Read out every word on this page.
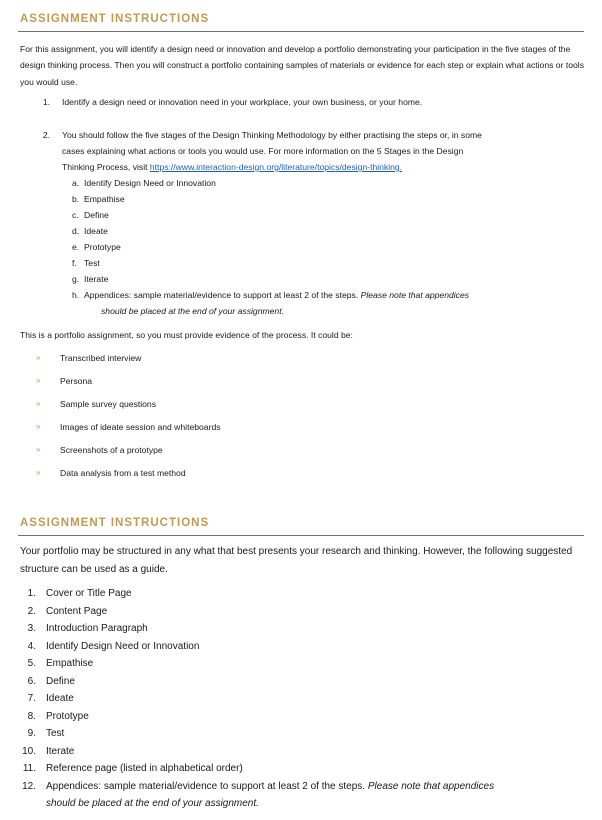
ASSIGNMENT INSTRUCTIONS
For this assignment, you will identify a design need or innovation and develop a portfolio demonstrating your participation in the five stages of the design thinking process. Then you will construct a portfolio containing samples of materials or evidence for each step or explain what actions or tools you would use.
1. Identify a design need or innovation need in your workplace, your own business, or your home.
2. You should follow the five stages of the Design Thinking Methodology by either practising the steps or, in some
cases explaining what actions or tools you would use. For more information on the 5 Stages in the Design
Thinking Process, visit https://www.interaction-design.org/literature/topics/design-thinking.
a. Identify Design Need or Innovation
b. Empathise
c. Define
d. Ideate
e. Prototype
f. Test
g. Iterate
h. Appendices: sample material/evidence to support at least 2 of the steps. Please note that appendices
should be placed at the end of your assignment.
This is a portfolio assignment, so you must provide evidence of the process. It could be:
» Transcribed interview
» Persona
» Sample survey questions
» Images of ideate session and whiteboards
» Screenshots of a prototype
» Data analysis from a test method
ASSIGNMENT INSTRUCTIONS
Your portfolio may be structured in any what that best presents your research and thinking. However, the following suggested structure can be used as a guide.
1. Cover or Title Page
2. Content Page
3. Introduction Paragraph
4. Identify Design Need or Innovation
5. Empathise
6. Define
7. Ideate
8. Prototype
9. Test
10. Iterate
11. Reference page (listed in alphabetical order)
12. Appendices: sample material/evidence to support at least 2 of the steps. Please note that appendices
should be placed at the end of your assignment.
